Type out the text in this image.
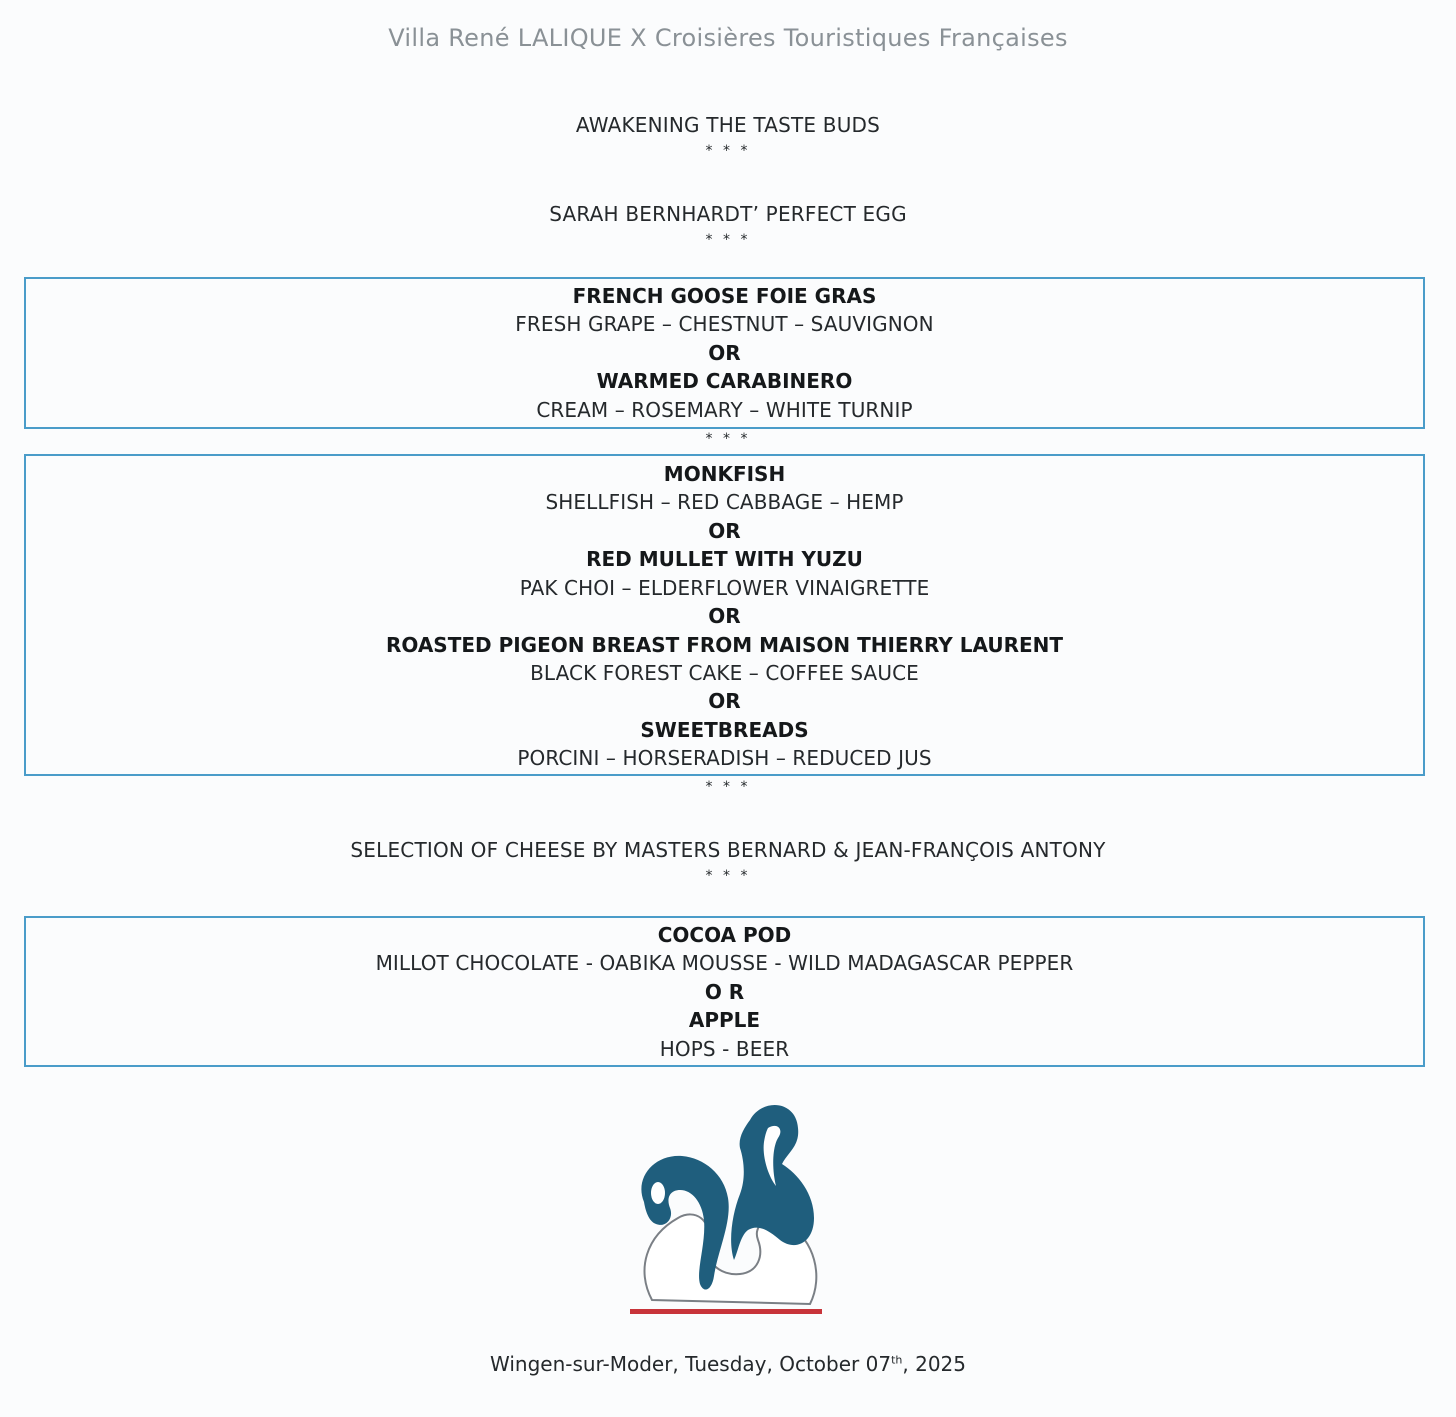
Villa René LALIQUE X Croisières Touristiques Françaises
AWAKENING THE TASTE BUDS
* * *
SARAH BERNHARDT’ PERFECT EGG
* * *
FRENCH GOOSE FOIE GRAS
FRESH GRAPE – CHESTNUT – SAUVIGNON
OR
WARMED CARABINERO
CREAM – ROSEMARY – WHITE TURNIP
* * *
MONKFISH
SHELLFISH – RED CABBAGE – HEMP
OR
RED MULLET WITH YUZU
PAK CHOI – ELDERFLOWER VINAIGRETTE
OR
ROASTED PIGEON BREAST FROM MAISON THIERRY LAURENT
BLACK FOREST CAKE – COFFEE SAUCE
OR
SWEETBREADS
PORCINI – HORSERADISH – REDUCED JUS
* * *
SELECTION OF CHEESE BY MASTERS BERNARD & JEAN-FRANÇOIS ANTONY
* * *
COCOA POD
MILLOT CHOCOLATE - OABIKA MOUSSE - WILD MADAGASCAR PEPPER
O R
APPLE
HOPS - BEER
Wingen-sur-Moder, Tuesday, October 07th, 2025
